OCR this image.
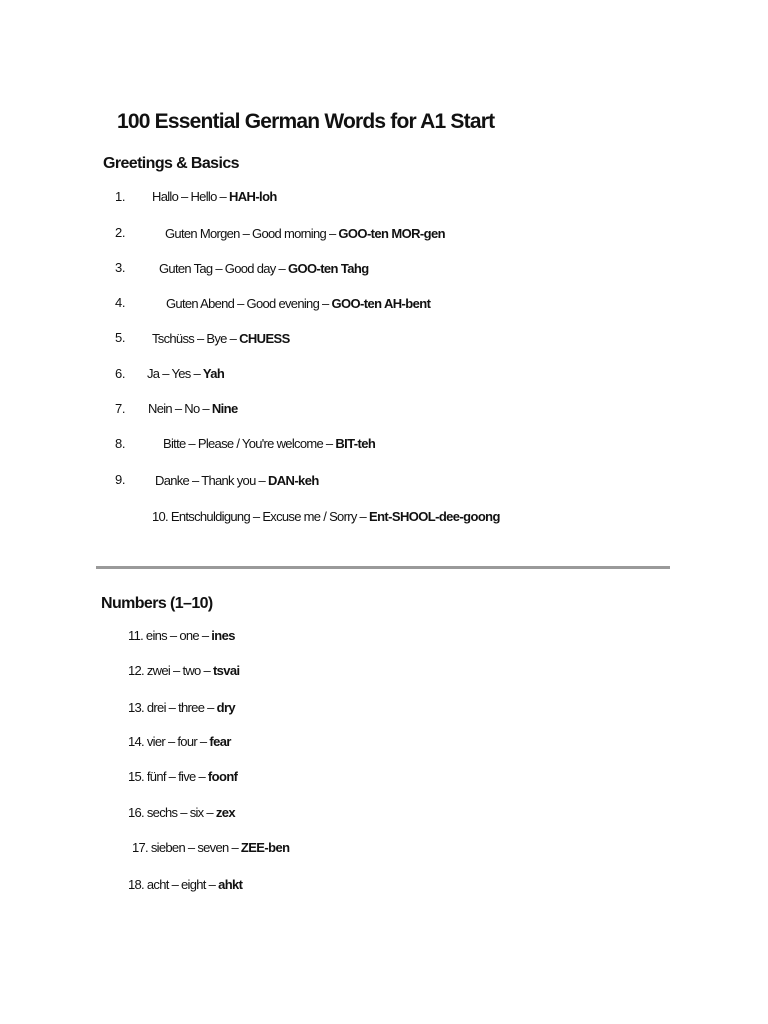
100 Essential German Words for A1 Start
Greetings & Basics
1. Hallo – Hello – HAH-loh
2.	Guten Morgen – Good morning – GOO-ten MOR-gen
3.	Guten Tag – Good day – GOO-ten Tahg
4.	Guten Abend – Good evening – GOO-ten AH-bent
5. Tschüss – Bye – CHUESS
6. Ja – Yes – Yah
7. Nein – No – Nine
8.	Bitte – Please / You're welcome – BIT-teh
9. Danke – Thank you – DAN-keh
10. Entschuldigung – Excuse me / Sorry – Ent-SHOOL-dee-goong
Numbers (1–10)
11. eins – one – ines
12. zwei – two – tsvai
13. drei – three – dry
14. vier – four – fear
15. fünf – five – foonf
16. sechs – six – zex
17. sieben – seven – ZEE-ben
18. acht – eight – ahkt
